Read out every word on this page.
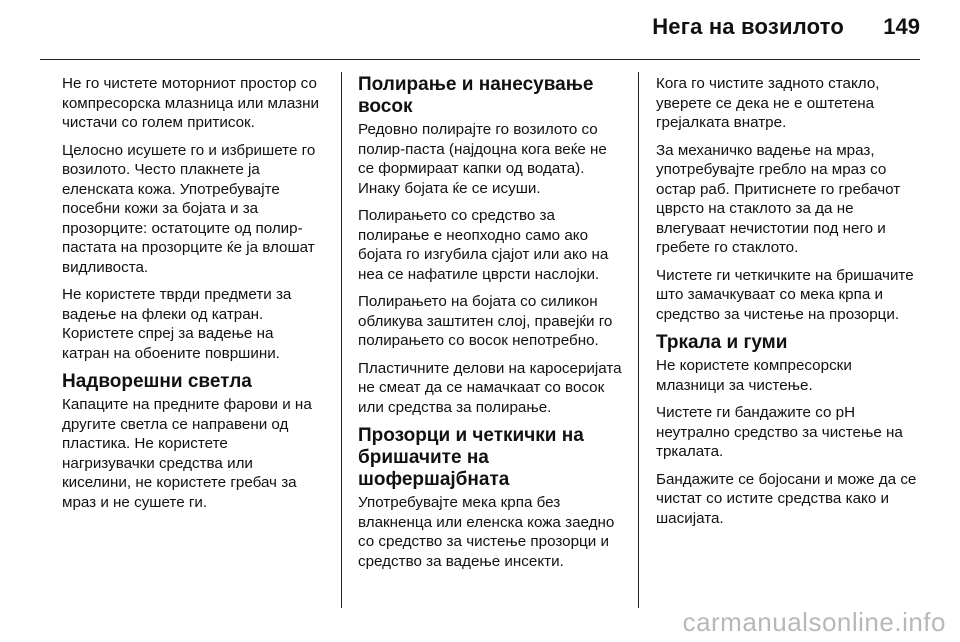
Нега на возилото 149

Не го чистете моторниот простор со компресорска млазница или млазни чистачи со голем притисок.

Целосно исушете го и избришете го возилото. Често плакнете ја еленската кожа. Употребувајте посебни кожи за бојата и за прозорците: остатоците од полир-пастата на прозорците ќе ја влошат видливоста.

Не користете тврди предмети за вадење на флеки од катран. Користете спреј за вадење на катран на обоените површини.

Надворешни светла

Капаците на предните фарови и на другите светла се направени од пластика. Не користете нагризувачки средства или киселини, не користете гребач за мраз и не сушете ги.

Полирање и нанесување восок

Редовно полирајте го возилото со полир-паста (најдоцна кога веќе не се формираат капки од водата). Инаку бојата ќе се исуши.

Полирањето со средство за полирање е неопходно само ако бојата го изгубила сјајот или ако на неа се нафатиле цврсти наслојки.

Полирањето на бојата со силикон обликува заштитен слој, правејќи го полирањето со восок непотребно.

Пластичните делови на каросеријата не смеат да се намачкаат со восок или средства за полирање.

Прозорци и четкички на бришачите на шофершајбната

Употребувајте мека крпа без влакненца или еленска кожа заедно со средство за чистење прозорци и средство за вадење инсекти.

Кога го чистите задното стакло, уверете се дека не е оштетена грејалката внатре.

За механичко вадење на мраз, употребувајте гребло на мраз со остар раб. Притиснете го гребачот цврсто на стаклото за да не влегуваат нечистотии под него и гребете го стаклото.

Чистете ги четкичките на бришачите што замачкуваат со мека крпа и средство за чистење на прозорци.

Тркала и гуми

Не користете компресорски млазници за чистење.

Чистете ги бандажите со pH неутрално средство за чистење на тркалата.

Бандажите се бојосани и може да се чистат со истите средства како и шасијата.

carmanualsonline.info
